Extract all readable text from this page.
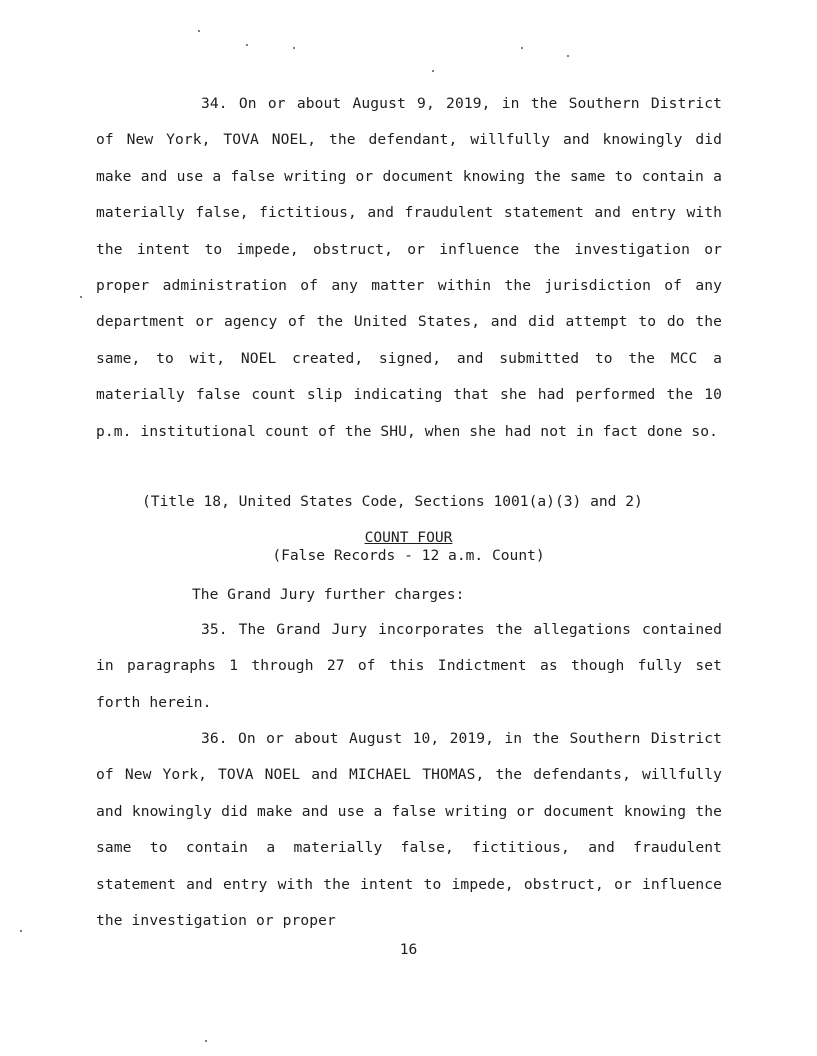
34. On or about August 9, 2019, in the Southern District of New York, TOVA NOEL, the defendant, willfully and knowingly did make and use a false writing or document knowing the same to contain a materially false, fictitious, and fraudulent statement and entry with the intent to impede, obstruct, or influence the investigation or proper administration of any matter within the jurisdiction of any department or agency of the United States, and did attempt to do the same, to wit, NOEL created, signed, and submitted to the MCC a materially false count slip indicating that she had performed the 10 p.m. institutional count of the SHU, when she had not in fact done so.
(Title 18, United States Code, Sections 1001(a)(3) and 2)
COUNT FOUR
(False Records - 12 a.m. Count)
The Grand Jury further charges:
35. The Grand Jury incorporates the allegations contained in paragraphs 1 through 27 of this Indictment as though fully set forth herein.
36. On or about August 10, 2019, in the Southern District of New York, TOVA NOEL and MICHAEL THOMAS, the defendants, willfully and knowingly did make and use a false writing or document knowing the same to contain a materially false, fictitious, and fraudulent statement and entry with the intent to impede, obstruct, or influence the investigation or proper
16
